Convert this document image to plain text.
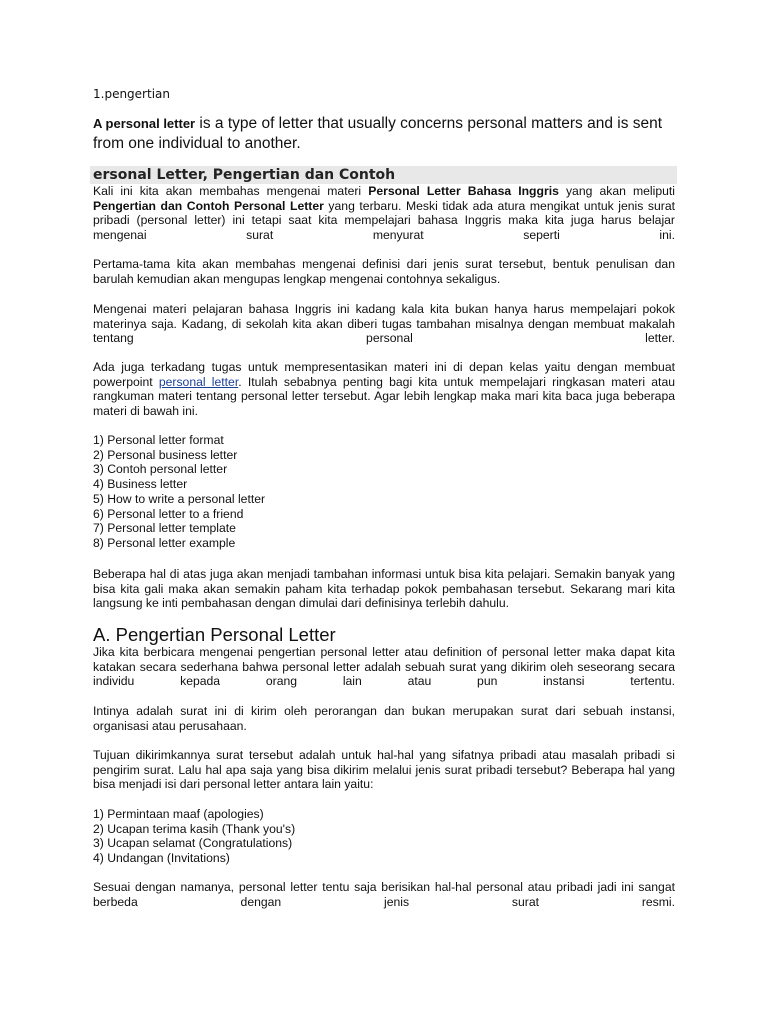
1.pengertian
A personal letter is a type of letter that usually concerns personal matters and is sent from one individual to another.
ersonal Letter, Pengertian dan Contoh
Kali ini kita akan membahas mengenai materi Personal Letter Bahasa Inggris yang akan meliputi Pengertian dan Contoh Personal Letter yang terbaru. Meski tidak ada atura mengikat untuk jenis surat pribadi (personal letter) ini tetapi saat kita mempelajari bahasa Inggris maka kita juga harus belajar mengenai surat menyurat seperti ini.
Pertama-tama kita akan membahas mengenai definisi dari jenis surat tersebut, bentuk penulisan dan barulah kemudian akan mengupas lengkap mengenai contohnya sekaligus.
Mengenai materi pelajaran bahasa Inggris ini kadang kala kita bukan hanya harus mempelajari pokok materinya saja. Kadang, di sekolah kita akan diberi tugas tambahan misalnya dengan membuat makalah tentang personal letter.
Ada juga terkadang tugas untuk mempresentasikan materi ini di depan kelas yaitu dengan membuat powerpoint personal letter. Itulah sebabnya penting bagi kita untuk mempelajari ringkasan materi atau rangkuman materi tentang personal letter tersebut. Agar lebih lengkap maka mari kita baca juga beberapa materi di bawah ini.
1) Personal letter format
2) Personal business letter
3) Contoh personal letter
4) Business letter
5) How to write a personal letter
6) Personal letter to a friend
7) Personal letter template
8) Personal letter example
Beberapa hal di atas juga akan menjadi tambahan informasi untuk bisa kita pelajari. Semakin banyak yang bisa kita gali maka akan semakin paham kita terhadap pokok pembahasan tersebut. Sekarang mari kita langsung ke inti pembahasan dengan dimulai dari definisinya terlebih dahulu.
A. Pengertian Personal Letter
Jika kita berbicara mengenai pengertian personal letter atau definition of personal letter maka dapat kita katakan secara sederhana bahwa personal letter adalah sebuah surat yang dikirim oleh seseorang secara individu kepada orang lain atau pun instansi tertentu.
Intinya adalah surat ini di kirim oleh perorangan dan bukan merupakan surat dari sebuah instansi, organisasi atau perusahaan.
Tujuan dikirimkannya surat tersebut adalah untuk hal-hal yang sifatnya pribadi atau masalah pribadi si pengirim surat. Lalu hal apa saja yang bisa dikirim melalui jenis surat pribadi tersebut? Beberapa hal yang bisa menjadi isi dari personal letter antara lain yaitu:
1) Permintaan maaf (apologies)
2) Ucapan terima kasih (Thank you's)
3) Ucapan selamat (Congratulations)
4) Undangan (Invitations)
Sesuai dengan namanya, personal letter tentu saja berisikan hal-hal personal atau pribadi jadi ini sangat berbeda dengan jenis surat resmi.
